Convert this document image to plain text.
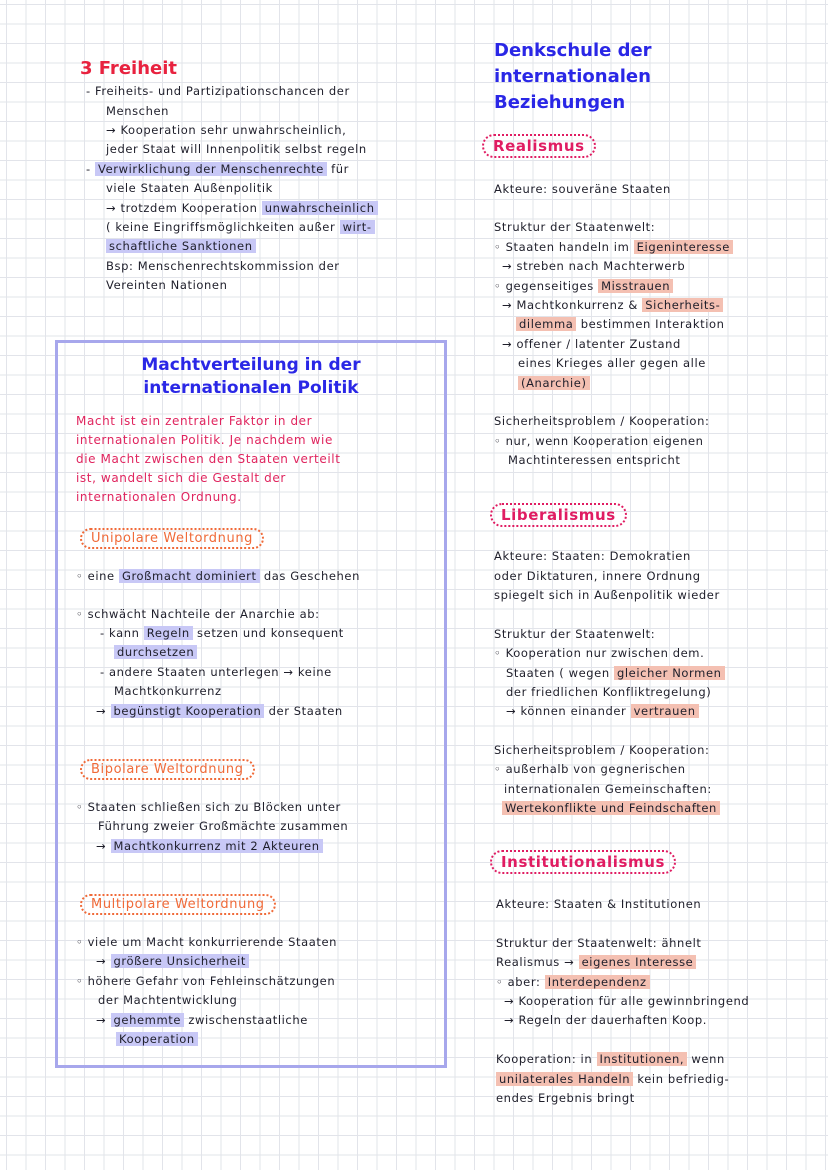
3 Freiheit
- Freiheits- und Partizipationschancen der
Menschen
→ Kooperation sehr unwahrscheinlich,
jeder Staat will Innenpolitik selbst regeln
- Verwirklichung der Menschenrechte für
viele Staaten Außenpolitik
→ trotzdem Kooperation unwahrscheinlich
( keine Eingriffsmöglichkeiten außer wirt-
schaftliche Sanktionen
Bsp: Menschenrechtskommission der
Vereinten Nationen
Machtverteilung in der
internationalen Politik
Macht ist ein zentraler Faktor in der
internationalen Politik. Je nachdem wie
die Macht zwischen den Staaten verteilt
ist, wandelt sich die Gestalt der
internationalen Ordnung.
Unipolare Weltordnung
◦ eine Großmacht dominiert das Geschehen
◦ schwächt Nachteile der Anarchie ab:
- kann Regeln setzen und konsequent
durchsetzen
- andere Staaten unterlegen → keine
Machtkonkurrenz
→ begünstigt Kooperation der Staaten
Bipolare Weltordnung
◦ Staaten schließen sich zu Blöcken unter
Führung zweier Großmächte zusammen
→ Machtkonkurrenz mit 2 Akteuren
Multipolare Weltordnung
◦ viele um Macht konkurrierende Staaten
→ größere Unsicherheit
◦ höhere Gefahr von Fehleinschätzungen
der Machtentwicklung
→ gehemmte zwischenstaatliche
Kooperation
Denkschule der
internationalen
Beziehungen
Realismus
Akteure: souveräne Staaten
Struktur der Staatenwelt:
◦ Staaten handeln im Eigeninteresse
→ streben nach Machterwerb
◦ gegenseitiges Misstrauen
→ Machtkonkurrenz & Sicherheits-
dilemma bestimmen Interaktion
→ offener / latenter Zustand
eines Krieges aller gegen alle
(Anarchie)
Sicherheitsproblem / Kooperation:
◦ nur, wenn Kooperation eigenen
Machtinteressen entspricht
Liberalismus
Akteure: Staaten: Demokratien
oder Diktaturen, innere Ordnung
spiegelt sich in Außenpolitik wieder
Struktur der Staatenwelt:
◦ Kooperation nur zwischen dem.
Staaten ( wegen gleicher Normen
der friedlichen Konfliktregelung)
→ können einander vertrauen
Sicherheitsproblem / Kooperation:
◦ außerhalb von gegnerischen
internationalen Gemeinschaften:
Wertekonflikte und Feindschaften
Institutionalismus
Akteure: Staaten & Institutionen
Struktur der Staatenwelt: ähnelt
Realismus → eigenes Interesse
◦ aber: Interdependenz
→ Kooperation für alle gewinnbringend
→ Regeln der dauerhaften Koop.
Kooperation: in Institutionen, wenn
unilaterales Handeln kein befriedig-
endes Ergebnis bringt
